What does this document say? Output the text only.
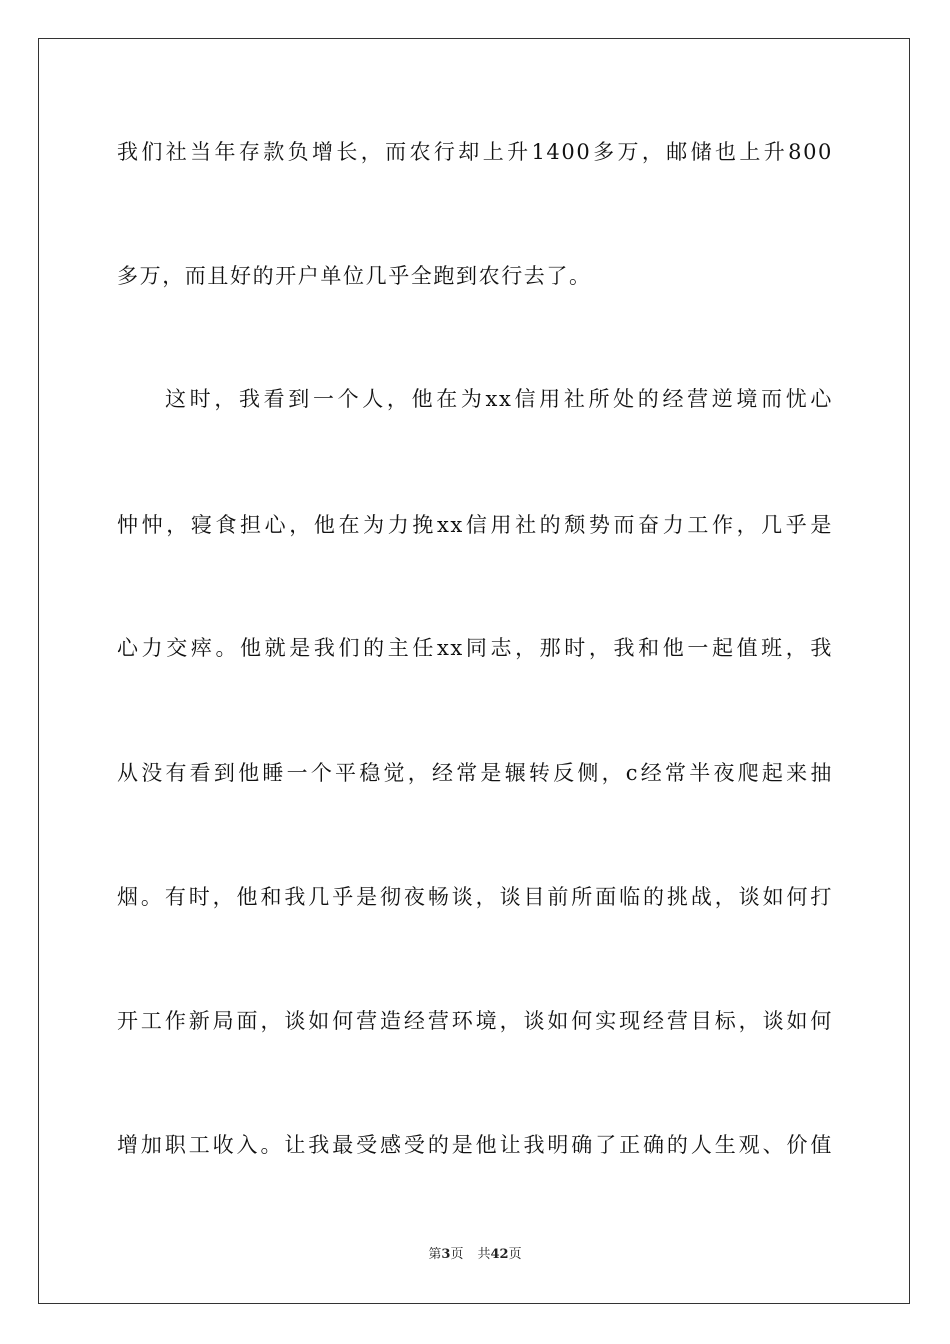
我们社当年存款负增长，而农行却上升1400多万，邮储也上升800
多万，而且好的开户单位几乎全跑到农行去了。
这时，我看到一个人，他在为xx信用社所处的经营逆境而忧心
忡忡，寝食担心，他在为力挽xx信用社的颓势而奋力工作，几乎是
心力交瘁。他就是我们的主任xx同志，那时，我和他一起值班，我
从没有看到他睡一个平稳觉，经常是辗转反侧，c经常半夜爬起来抽
烟。有时，他和我几乎是彻夜畅谈，谈目前所面临的挑战，谈如何打
开工作新局面，谈如何营造经营环境，谈如何实现经营目标，谈如何
增加职工收入。让我最受感受的是他让我明确了正确的人生观、价值
第3页 共42页
